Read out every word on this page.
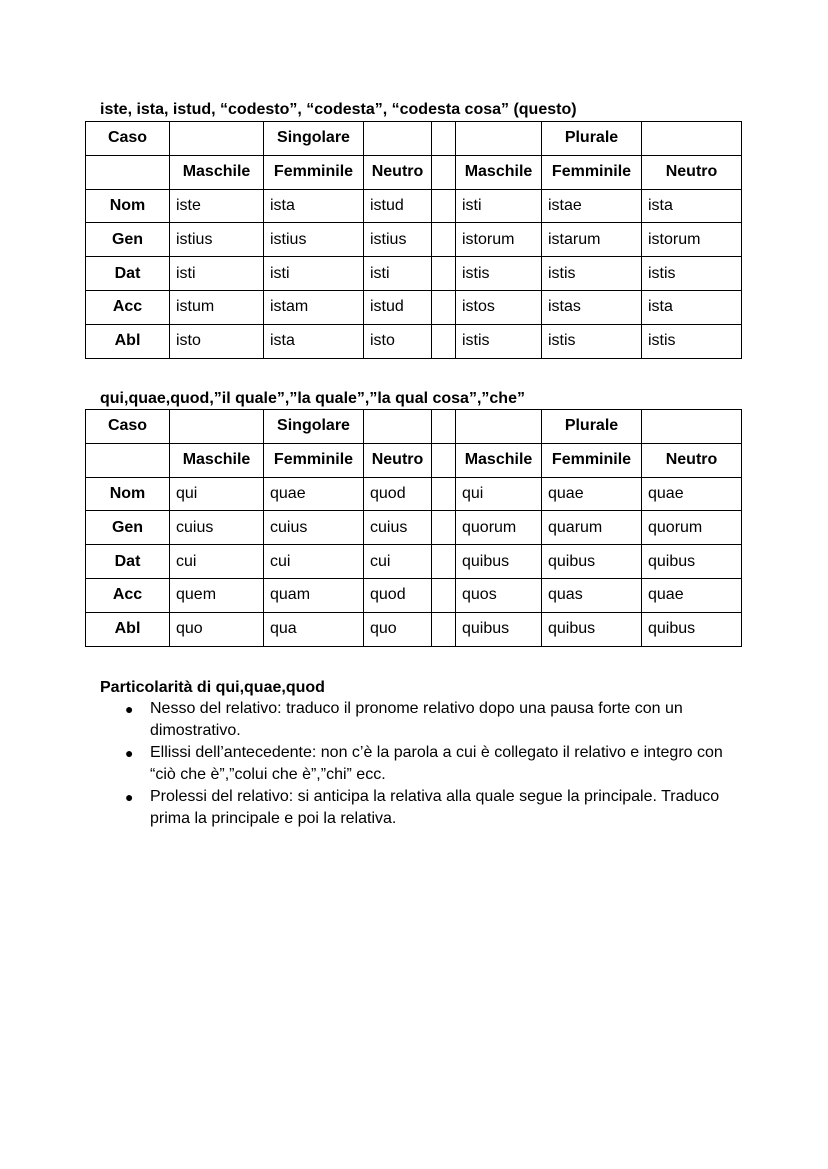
iste, ista, istud, “codesto”, “codesta”, “codesta cosa” (questo)
Caso		Singolare				Plurale	
	Maschile	Femminile	Neutro		Maschile	Femminile	Neutro
Nom	iste	ista	istud		isti	istae	ista
Gen	istius	istius	istius		istorum	istarum	istorum
Dat	isti	isti	isti		istis	istis	istis
Acc	istum	istam	istud		istos	istas	ista
Abl	isto	ista	isto		istis	istis	istis
qui,quae,quod,”il quale”,”la quale”,”la qual cosa”,”che”
Caso		Singolare				Plurale	
	Maschile	Femminile	Neutro		Maschile	Femminile	Neutro
Nom	qui	quae	quod		qui	quae	quae
Gen	cuius	cuius	cuius		quorum	quarum	quorum
Dat	cui	cui	cui		quibus	quibus	quibus
Acc	quem	quam	quod		quos	quas	quae
Abl	quo	qua	quo		quibus	quibus	quibus
Particolarità di qui,quae,quod
● Nesso del relativo: traduco il pronome relativo dopo una pausa forte con un dimostrativo.
● Ellissi dell’antecedente: non c’è la parola a cui è collegato il relativo e integro con “ciò che è”,”colui che è”,”chi” ecc.
● Prolessi del relativo: si anticipa la relativa alla quale segue la principale. Traduco prima la principale e poi la relativa.
